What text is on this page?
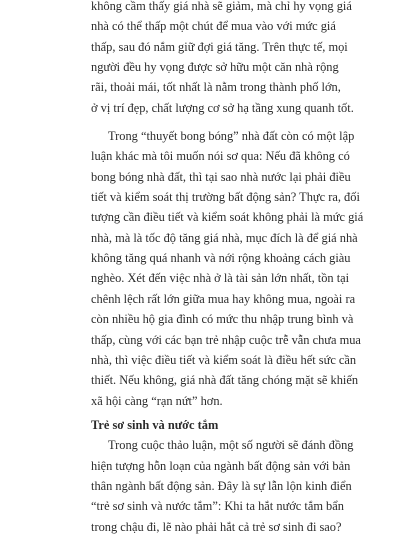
không cầm thấy giá nhà sẽ giảm, mà chỉ hy vọng giá
nhà có thể thấp một chút để mua vào với mức giá
thấp, sau đó nắm giữ đợi giá tăng. Trên thực tế, mọi
người đều hy vọng được sở hữu một căn nhà rộng
rãi, thoải mái, tốt nhất là nằm trong thành phố lớn,
ở vị trí đẹp, chất lượng cơ sở hạ tầng xung quanh tốt.
Trong “thuyết bong bóng” nhà đất còn có một lập
luận khác mà tôi muốn nói sơ qua: Nếu đã không có
bong bóng nhà đất, thì tại sao nhà nước lại phải điều
tiết và kiểm soát thị trường bất động sản? Thực ra, đối
tượng cần điều tiết và kiểm soát không phải là mức giá
nhà, mà là tốc độ tăng giá nhà, mục đích là để giá nhà
không tăng quá nhanh và nới rộng khoảng cách giàu
nghèo. Xét đến việc nhà ở là tài sản lớn nhất, tồn tại
chênh lệch rất lớn giữa mua hay không mua, ngoài ra
còn nhiều hộ gia đình có mức thu nhập trung bình và
thấp, cùng với các bạn trẻ nhập cuộc trễ vẫn chưa mua
nhà, thì việc điều tiết và kiểm soát là điều hết sức cần
thiết. Nếu không, giá nhà đất tăng chóng mặt sẽ khiến
xã hội càng “rạn nứt” hơn.
Trẻ sơ sinh và nước tắm
Trong cuộc thảo luận, một số người sẽ đánh đồng
hiện tượng hỗn loạn của ngành bất động sản với bản
thân ngành bất động sản. Đây là sự lẫn lộn kinh điển
“trẻ sơ sinh và nước tắm”: Khi ta hắt nước tắm bẩn
trong chậu đi, lẽ nào phải hắt cả trẻ sơ sinh đi sao?
